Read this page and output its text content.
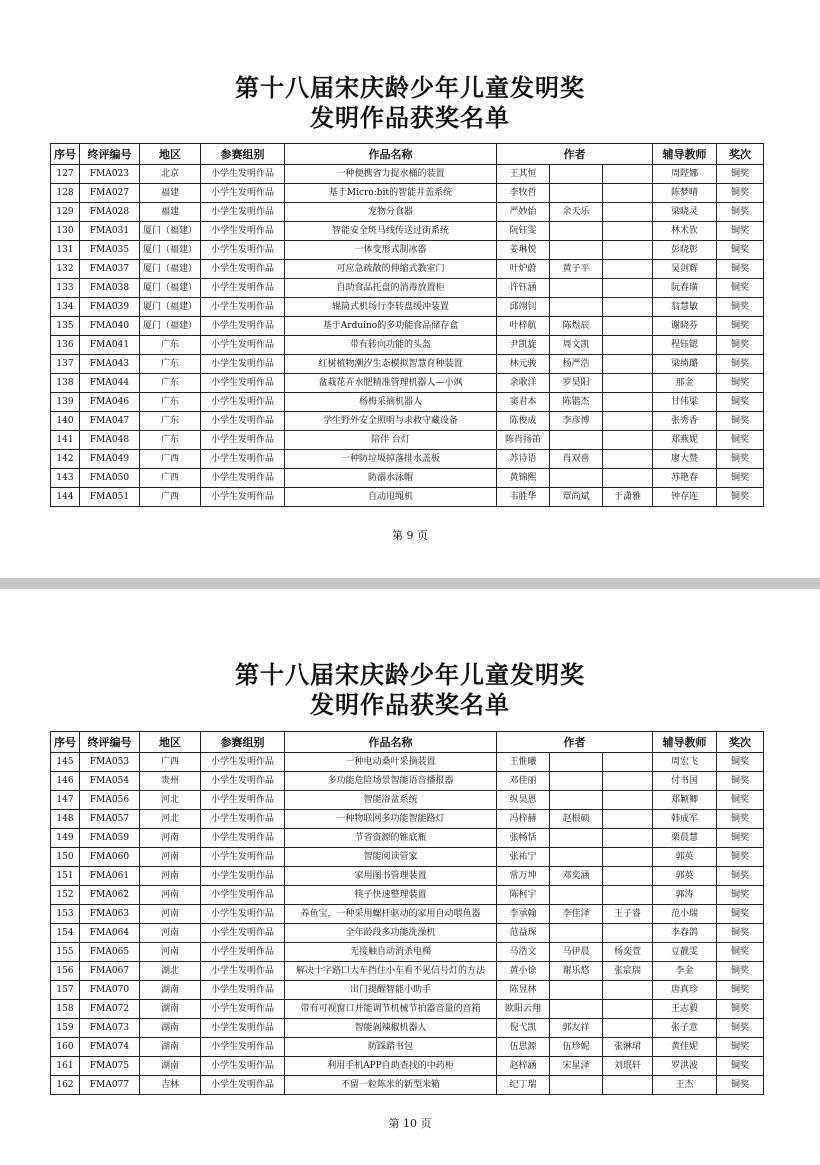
第十八届宋庆龄少年儿童发明奖
发明作品获奖名单
序号	终评编号	地区	参赛组别	作品名称	作者			辅导教师	奖次
127	FMA023	北京	小学生发明作品	一种便携省力提水桶的装置	王其恒			周陛娜	铜奖
128	FMA027	福建	小学生发明作品	基于Micro:bit的智能井盖系统	李牧哲			陈梦晴	铜奖
129	FMA028	福建	小学生发明作品	宠物分食器	严妙怡	余天乐		梁晓灵	铜奖
130	FMA031	厦门（福建）	小学生发明作品	智能安全斑马线传送过街系统	阮钰雯			林术钦	铜奖
131	FMA035	厦门（福建）	小学生发明作品	一体变形式制冰器	姜琳悦			彭晓彰	铜奖
132	FMA037	厦门（福建）	小学生发明作品	可应急疏散的伸缩式教室门	叶炉蔚	黄子平		吴剑辉	铜奖
133	FMA038	厦门（福建）	小学生发明作品	自助食品托盘的消毒放置柜	许钰涵			阮春璜	铜奖
134	FMA039	厦门（福建）	小学生发明作品	辊筒式机场行李转盘缓冲装置	邱翊钊			翁慧敏	铜奖
135	FMA040	厦门（福建）	小学生发明作品	基于Arduino的多功能食品储存盒	叶梓航	陈煜辰		谢晓芬	铜奖
136	FMA041	广东	小学生发明作品	带有转向功能的头盔	尹凯旋	周文凯		程钰锶	铜奖
137	FMA043	广东	小学生发明作品	红树植物潮汐生态模拟智慧育种装置	林元骏	杨严浩		梁绮璐	铜奖
138	FMA044	广东	小学生发明作品	盆栽花卉水肥精准管理机器人—小飒	余歌洋	罗昊阳		那金	铜奖
139	FMA046	广东	小学生发明作品	杨梅采摘机器人	窦君本	陈锴杰		甘伟梁	铜奖
140	FMA047	广东	小学生发明作品	学生野外安全照明与求救守藏设备	陈俊成	李彦博		张秀香	铜奖
141	FMA048	广东	小学生发明作品	陪伴 台灯	陈肖扬笛			郑燕妮	铜奖
142	FMA049	广西	小学生发明作品	一种防垃圾掉落排水盖板	苏诗语	肖双喜		廖大赞	铜奖
143	FMA050	广西	小学生发明作品	防溺水泳帽	黄锦熙			苏艳春	铜奖
144	FMA051	广西	小学生发明作品	自动甩绳机	韦胜华	覃尚斌	于潇雅	钟存连	铜奖
第 9 页
第十八届宋庆龄少年儿童发明奖
发明作品获奖名单
序号	终评编号	地区	参赛组别	作品名称	作者			辅导教师	奖次
145	FMA053	广西	小学生发明作品	一种电动桑叶采摘装置	王惟曦			周宏飞	铜奖
146	FMA054	贵州	小学生发明作品	多功能危险场景智能语音播报器	邓佳丽			付书国	铜奖
147	FMA056	河北	小学生发明作品	智能浴盆系统	纵昊恩			郑颖卿	铜奖
148	FMA057	河北	小学生发明作品	一种物联网多功能智能路灯	冯梓赫	赵根硕		韩成军	铜奖
149	FMA059	河南	小学生发明作品	节省资源的锥底瓶	张畅恬			栗晨慧	铜奖
150	FMA060	河南	小学生发明作品	智能阅读管家	张祐宁			郭英	铜奖
151	FMA061	河南	小学生发明作品	家用图书管理装置	常万坤	邓奕涵		郭英	铜奖
152	FMA062	河南	小学生发明作品	筷子快速整理装置	陈柯宇			郭涛	铜奖
153	FMA063	河南	小学生发明作品	养鱼宝，一种采用螺杆驱动的家用自动喂鱼器	李承翰	李佳泽	王子睿	范小瑞	铜奖
154	FMA064	河南	小学生发明作品	全年龄段多功能洗澡机	范益琛			李春鸽	铜奖
155	FMA065	河南	小学生发明作品	无接触自动消杀电梯	马浩文	马伊晨	杨奕萱	豆靓雯	铜奖
156	FMA067	湖北	小学生发明作品	解决十字路口大车挡住小车看不见信号灯的方法	黄小徐	谢乐悠	张宸瑞	李金	铜奖
157	FMA070	湖南	小学生发明作品	出门提醒智能小助手	陈昱林			唐真珍	铜奖
158	FMA072	湖南	小学生发明作品	带有可视窗口并能调节机械节拍器音量的音箱	欧阳云翔			王志毅	铜奖
159	FMA073	湖南	小学生发明作品	智能剁辣椒机器人	倪弋凯	郭友祥		张子意	铜奖
160	FMA074	湖南	小学生发明作品	防踩踏书包	伍思源	伍珍妮	张淋珺	黄佳妮	铜奖
161	FMA075	湖南	小学生发明作品	利用手机APP自助查找的中药柜	赵梓涵	宋星泽	刘珉轩	罗洪波	铜奖
162	FMA077	吉林	小学生发明作品	不留一粒陈米的新型米箱	纪丁瑞			王杰	铜奖
第 10 页
